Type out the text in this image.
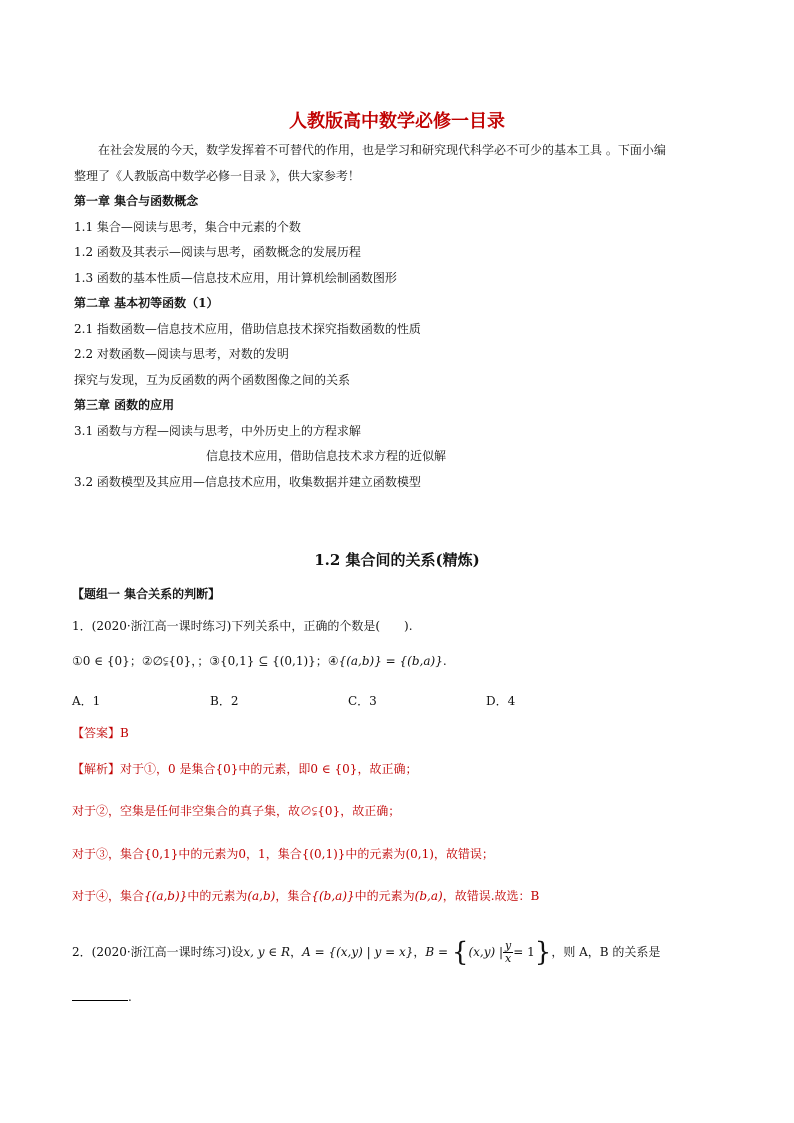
人教版高中数学必修一目录
在社会发展的今天，数学发挥着不可替代的作用，也是学习和研究现代科学必不可少的基本工具 。下面小编
整理了《人教版高中数学必修一目录 》，供大家参考！
第一章 集合与函数概念
1.1 集合—阅读与思考，集合中元素的个数
1.2 函数及其表示—阅读与思考，函数概念的发展历程
1.3 函数的基本性质—信息技术应用，用计算机绘制函数图形
第二章 基本初等函数（1）
2.1 指数函数—信息技术应用，借助信息技术探究指数函数的性质
2.2 对数函数—阅读与思考，对数的发明
探究与发现，互为反函数的两个函数图像之间的关系
第三章 函数的应用
3.1 函数与方程—阅读与思考，中外历史上的方程求解
信息技术应用，借助信息技术求方程的近似解
3.2 函数模型及其应用—信息技术应用，收集数据并建立函数模型
1.2 集合间的关系(精炼)
【题组一 集合关系的判断】
1．(2020·浙江高一课时练习)下列关系中，正确的个数是(　　).
①0 ∈ {0}；②∅⫋{0}，；③{0,1} ⊆ {(0,1)}；④{(a,b)} = {(b,a)}.
A．1	B．2	C．3	D．4
【答案】B
【解析】对于①，0 是集合{0}中的元素，即0 ∈ {0}，故正确；
对于②，空集是任何非空集合的真子集，故∅⫋{0}，故正确；
对于③，集合{0,1}中的元素为0，1，集合{(0,1)}中的元素为(0,1)，故错误；
对于④，集合{(a,b)}中的元素为(a,b)，集合{(b,a)}中的元素为(b,a)，故错误.故选：B
2．(2020·浙江高一课时练习)设x, y ∈ R，A = {(x,y) | y = x}，B = {(x,y) | $\frac{y}{x} = 1$}，则 A，B 的关系是
.
